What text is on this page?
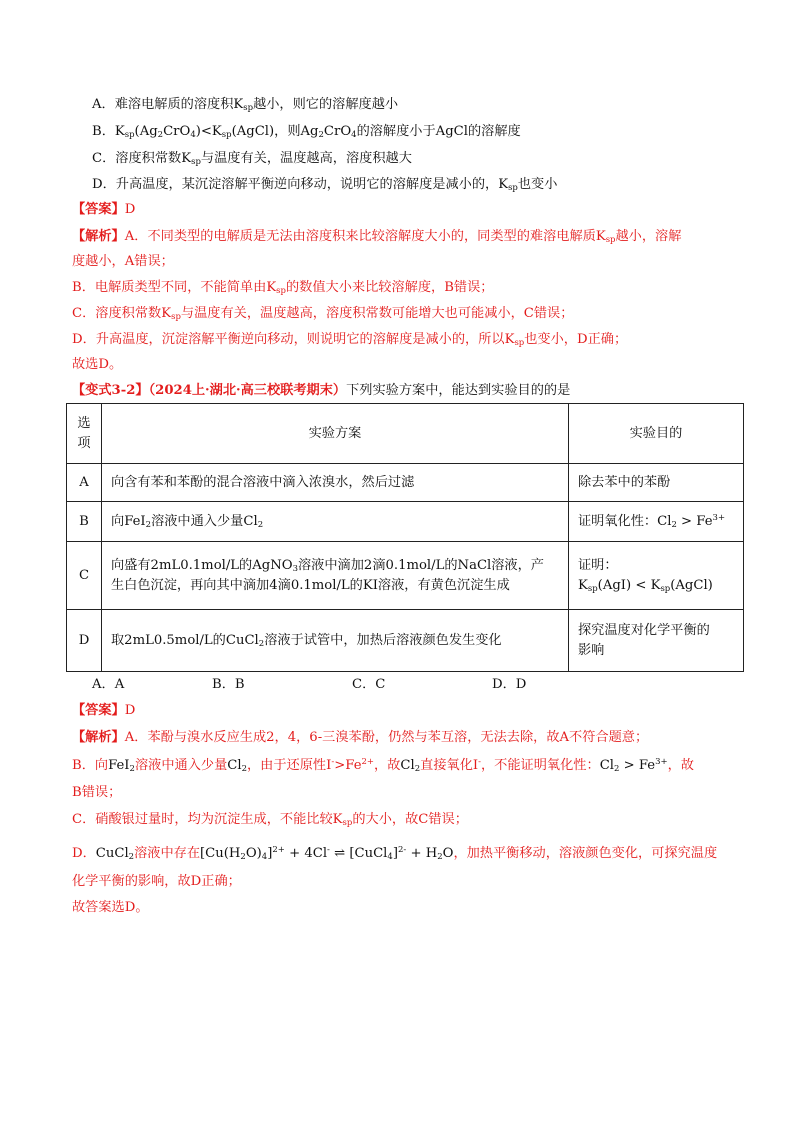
A．难溶电解质的溶度积$K_{sp}$越小，则它的溶解度越小
B．$K_{sp}(Ag_2CrO_4)<K_{sp}(AgCl)$，则$Ag_2CrO_4$的溶解度小于AgCl的溶解度
C．溶度积常数$K_{sp}$与温度有关，温度越高，溶度积越大
D．升高温度，某沉淀溶解平衡逆向移动，说明它的溶解度是减小的，$K_{sp}$也变小
【答案】D
【解析】A．不同类型的电解质是无法由溶度积来比较溶解度大小的，同类型的难溶电解质$K_{sp}$越小，溶解
度越小，A错误；
B．电解质类型不同，不能简单由$K_{sp}$的数值大小来比较溶解度，B错误；
C．溶度积常数$K_{sp}$与温度有关，温度越高，溶度积常数可能增大也可能减小，C错误；
D．升高温度，沉淀溶解平衡逆向移动，则说明它的溶解度是减小的，所以$K_{sp}$也变小，D正确；
故选D。
【变式3-2】（2024上·湖北·高三校联考期末）下列实验方案中，能达到实验目的的是
选
项	实验方案	实验目的
A	向含有苯和苯酚的混合溶液中滴入浓溴水，然后过滤	除去苯中的苯酚
B	向FeI$_2$溶液中通入少量$Cl_2$	证明氧化性：$Cl_2 > Fe^{3+}$
C	向盛有2mL0.1mol/L的AgNO$_3$溶液中滴加2滴0.1mol/L的NaCl溶液，产
生白色沉淀，再向其中滴加4滴0.1mol/L的KI溶液，有黄色沉淀生成	证明：
$K_{sp}(AgI)$ < $K_{sp}(AgCl)$
D	取2mL0.5mol/L的CuCl$_2$溶液于试管中，加热后溶液颜色发生变化	探究温度对化学平衡的
影响
A．A	B．B	C．C	D．D
【答案】D
【解析】A．苯酚与溴水反应生成2，4，6-三溴苯酚，仍然与苯互溶，无法去除，故A不符合题意；
B．向FeI$_2$溶液中通入少量$Cl_2$，由于还原性$I^->Fe^{2+}$，故$Cl_2$直接氧化I-，不能证明氧化性：$Cl_2 > Fe^{3+}$，故
B错误；
C．硝酸银过量时，均为沉淀生成，不能比较$K_{sp}$的大小，故C错误；
D．CuCl$_2$溶液中存在$[Cu(H_2O)_4]^{2+} + 4Cl^-$ ⇌ [CuCl$_4$]$^{2-}$ + $H_2O$，加热平衡移动，溶液颜色变化，可探究温度
化学平衡的影响，故D正确；
故答案选D。
